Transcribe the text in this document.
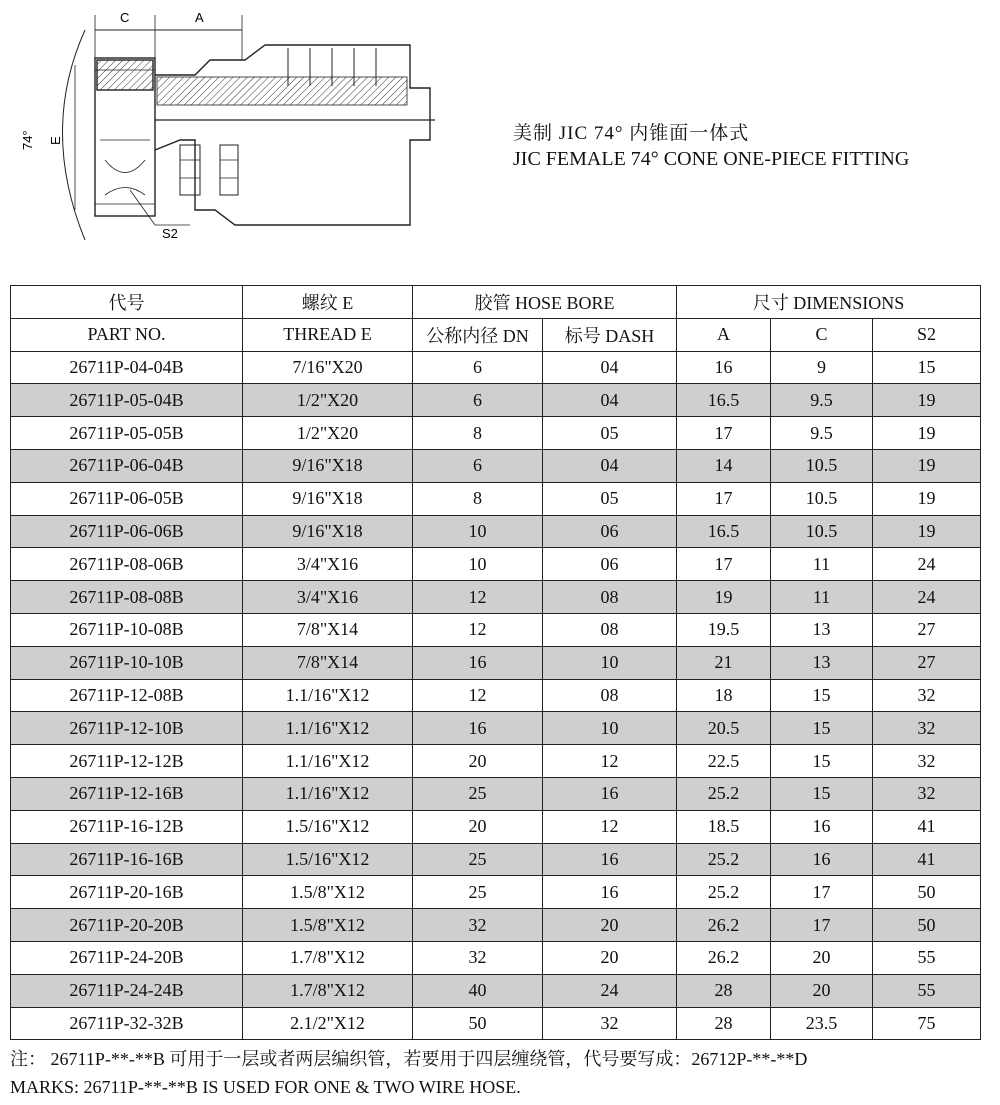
C	A
E
74°
S2
美制 JIC 74° 内锥面一体式
JIC FEMALE 74° CONE ONE-PIECE FITTING
代号	螺纹 E	胶管 HOSE BORE		尺寸 DIMENSIONS		
PART NO.	THREAD E	公称内径 DN	标号 DASH	A	C	S2
26711P-04-04B	7/16"X20	6	04	16	9	15
26711P-05-04B	1/2"X20	6	04	16.5	9.5	19
26711P-05-05B	1/2"X20	8	05	17	9.5	19
26711P-06-04B	9/16"X18	6	04	14	10.5	19
26711P-06-05B	9/16"X18	8	05	17	10.5	19
26711P-06-06B	9/16"X18	10	06	16.5	10.5	19
26711P-08-06B	3/4"X16	10	06	17	11	24
26711P-08-08B	3/4"X16	12	08	19	11	24
26711P-10-08B	7/8"X14	12	08	19.5	13	27
26711P-10-10B	7/8"X14	16	10	21	13	27
26711P-12-08B	1.1/16"X12	12	08	18	15	32
26711P-12-10B	1.1/16"X12	16	10	20.5	15	32
26711P-12-12B	1.1/16"X12	20	12	22.5	15	32
26711P-12-16B	1.1/16"X12	25	16	25.2	15	32
26711P-16-12B	1.5/16"X12	20	12	18.5	16	41
26711P-16-16B	1.5/16"X12	25	16	25.2	16	41
26711P-20-16B	1.5/8"X12	25	16	25.2	17	50
26711P-20-20B	1.5/8"X12	32	20	26.2	17	50
26711P-24-20B	1.7/8"X12	32	20	26.2	20	55
26711P-24-24B	1.7/8"X12	40	24	28	20	55
26711P-32-32B	2.1/2"X12	50	32	28	23.5	75
注： 26711P-**-**B 可用于一层或者两层编织管，若要用于四层缠绕管，代号要写成：26712P-**-**D
MARKS: 26711P-**-**B IS USED FOR ONE & TWO WIRE HOSE.
